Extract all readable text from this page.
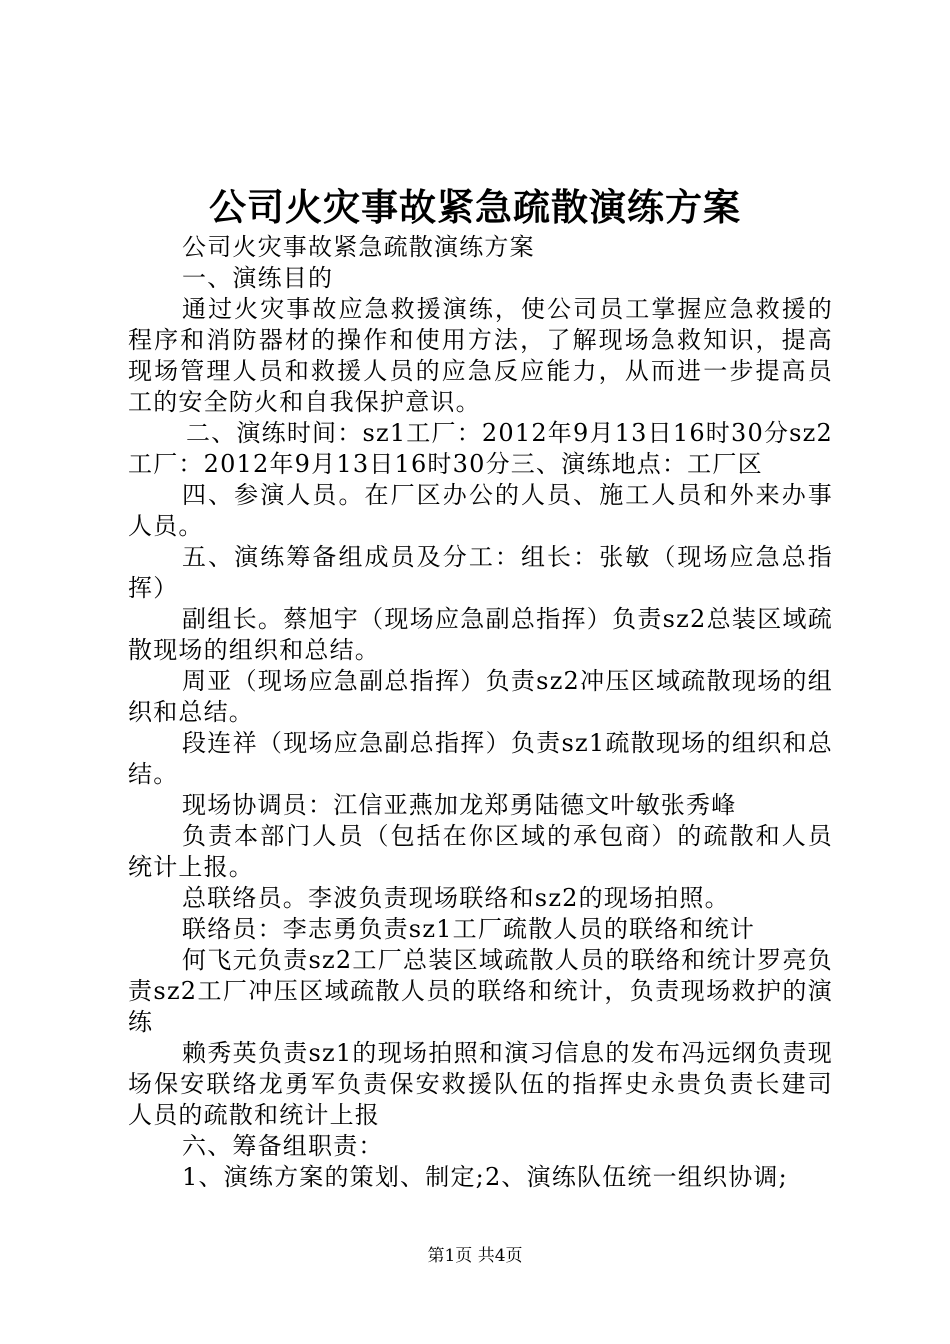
公司火灾事故紧急疏散演练方案

公司火灾事故紧急疏散演练方案

一、演练目的

通过火灾事故应急救援演练，使公司员工掌握应急救援的程序和消防器材的操作和使用方法，了解现场急救知识，提高现场管理人员和救援人员的应急反应能力，从而进一步提高员工的安全防火和自我保护意识。

二、演练时间：sz1工厂：2012年9月13日16时30分sz2工厂：2012年9月13日16时30分三、演练地点：工厂区

四、参演人员。在厂区办公的人员、施工人员和外来办事人员。

五、演练筹备组成员及分工：组长：张敏（现场应急总指挥）

副组长。蔡旭宇（现场应急副总指挥）负责sz2总装区域疏散现场的组织和总结。

周亚（现场应急副总指挥）负责sz2冲压区域疏散现场的组织和总结。

段连祥（现场应急副总指挥）负责sz1疏散现场的组织和总结。

现场协调员：江信亚燕加龙郑勇陆德文叶敏张秀峰

负责本部门人员（包括在你区域的承包商）的疏散和人员统计上报。

总联络员。李波负责现场联络和sz2的现场拍照。

联络员：李志勇负责sz1工厂疏散人员的联络和统计

何飞元负责sz2工厂总装区域疏散人员的联络和统计罗亮负责sz2工厂冲压区域疏散人员的联络和统计，负责现场救护的演练

赖秀英负责sz1的现场拍照和演习信息的发布冯远纲负责现场保安联络龙勇军负责保安救援队伍的指挥史永贵负责长建司人员的疏散和统计上报

六、筹备组职责：

1、演练方案的策划、制定;2、演练队伍统一组织协调;

第1页 共4页
